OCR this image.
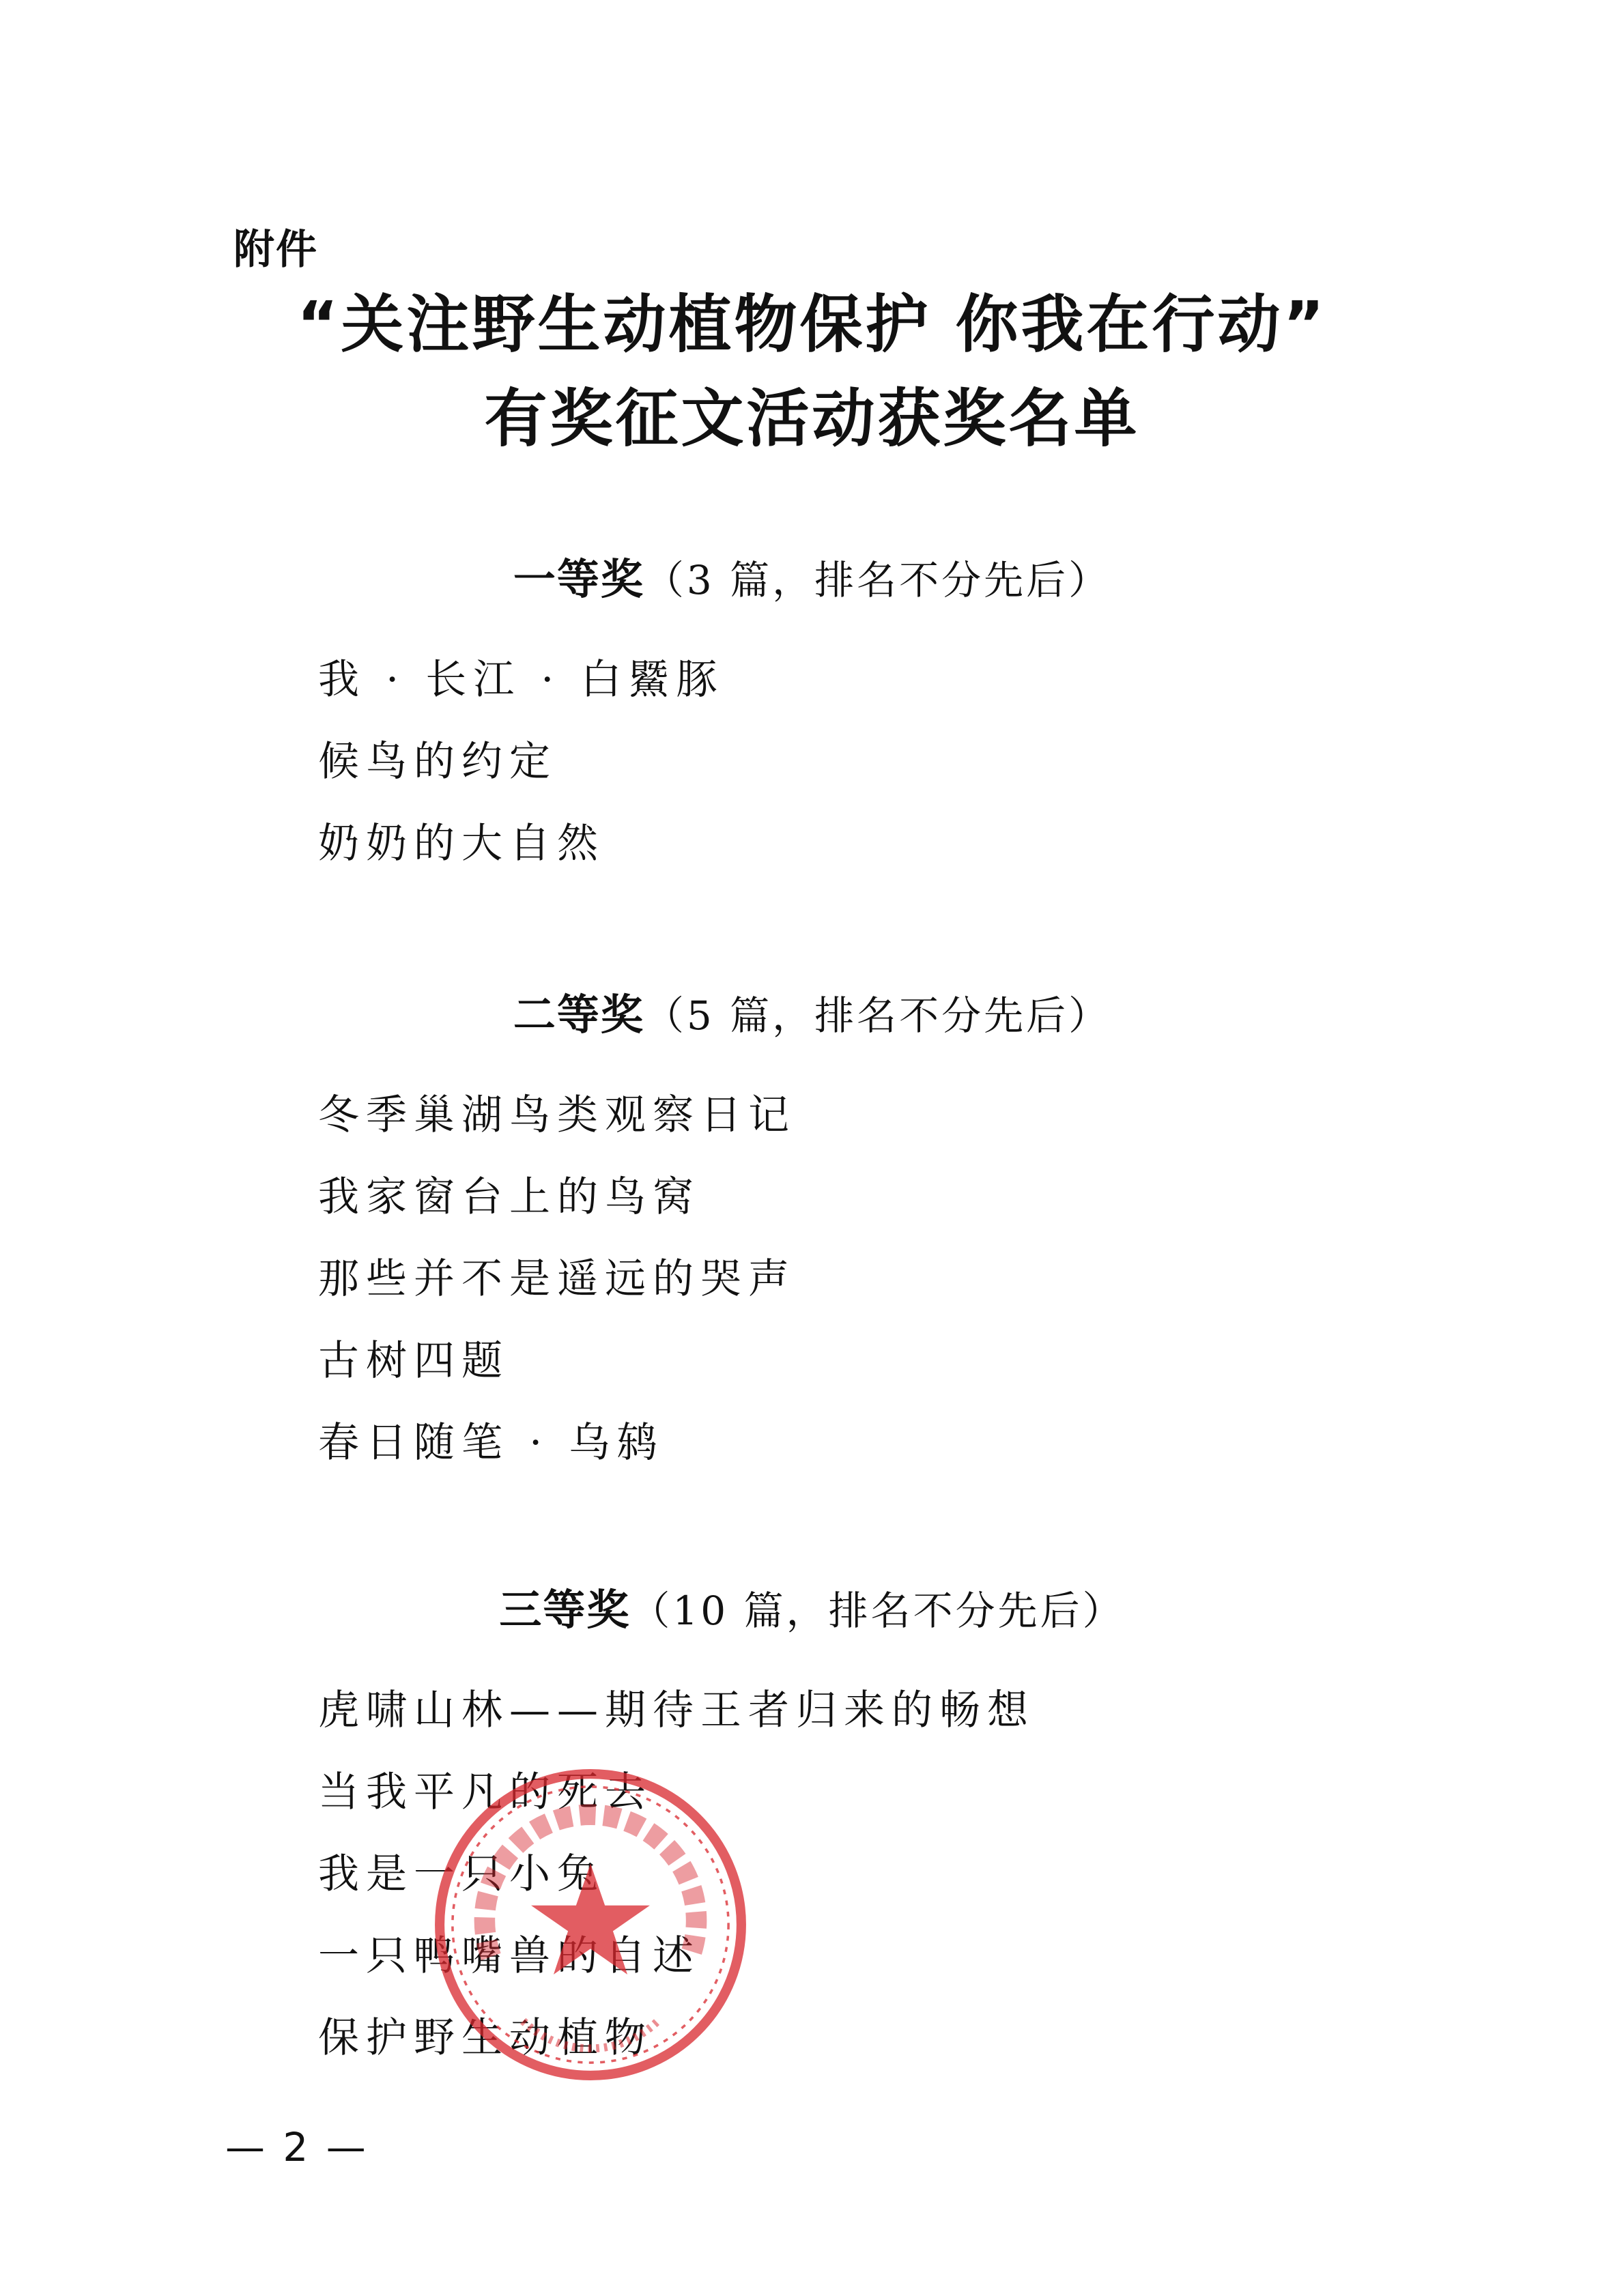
附件
“关注野生动植物保护 你我在行动”
有奖征文活动获奖名单
一等奖（3 篇，排名不分先后）
我 · 长江 · 白鱀豚
候鸟的约定
奶奶的大自然
二等奖（5 篇，排名不分先后）
冬季巢湖鸟类观察日记
我家窗台上的鸟窝
那些并不是遥远的哭声
古树四题
春日随笔 · 乌鸫
三等奖（10 篇，排名不分先后）
虎啸山林——期待王者归来的畅想
当我平凡的死去
我是一只小兔
一只鸭嘴兽的自述
保护野生动植物
— 2 —
